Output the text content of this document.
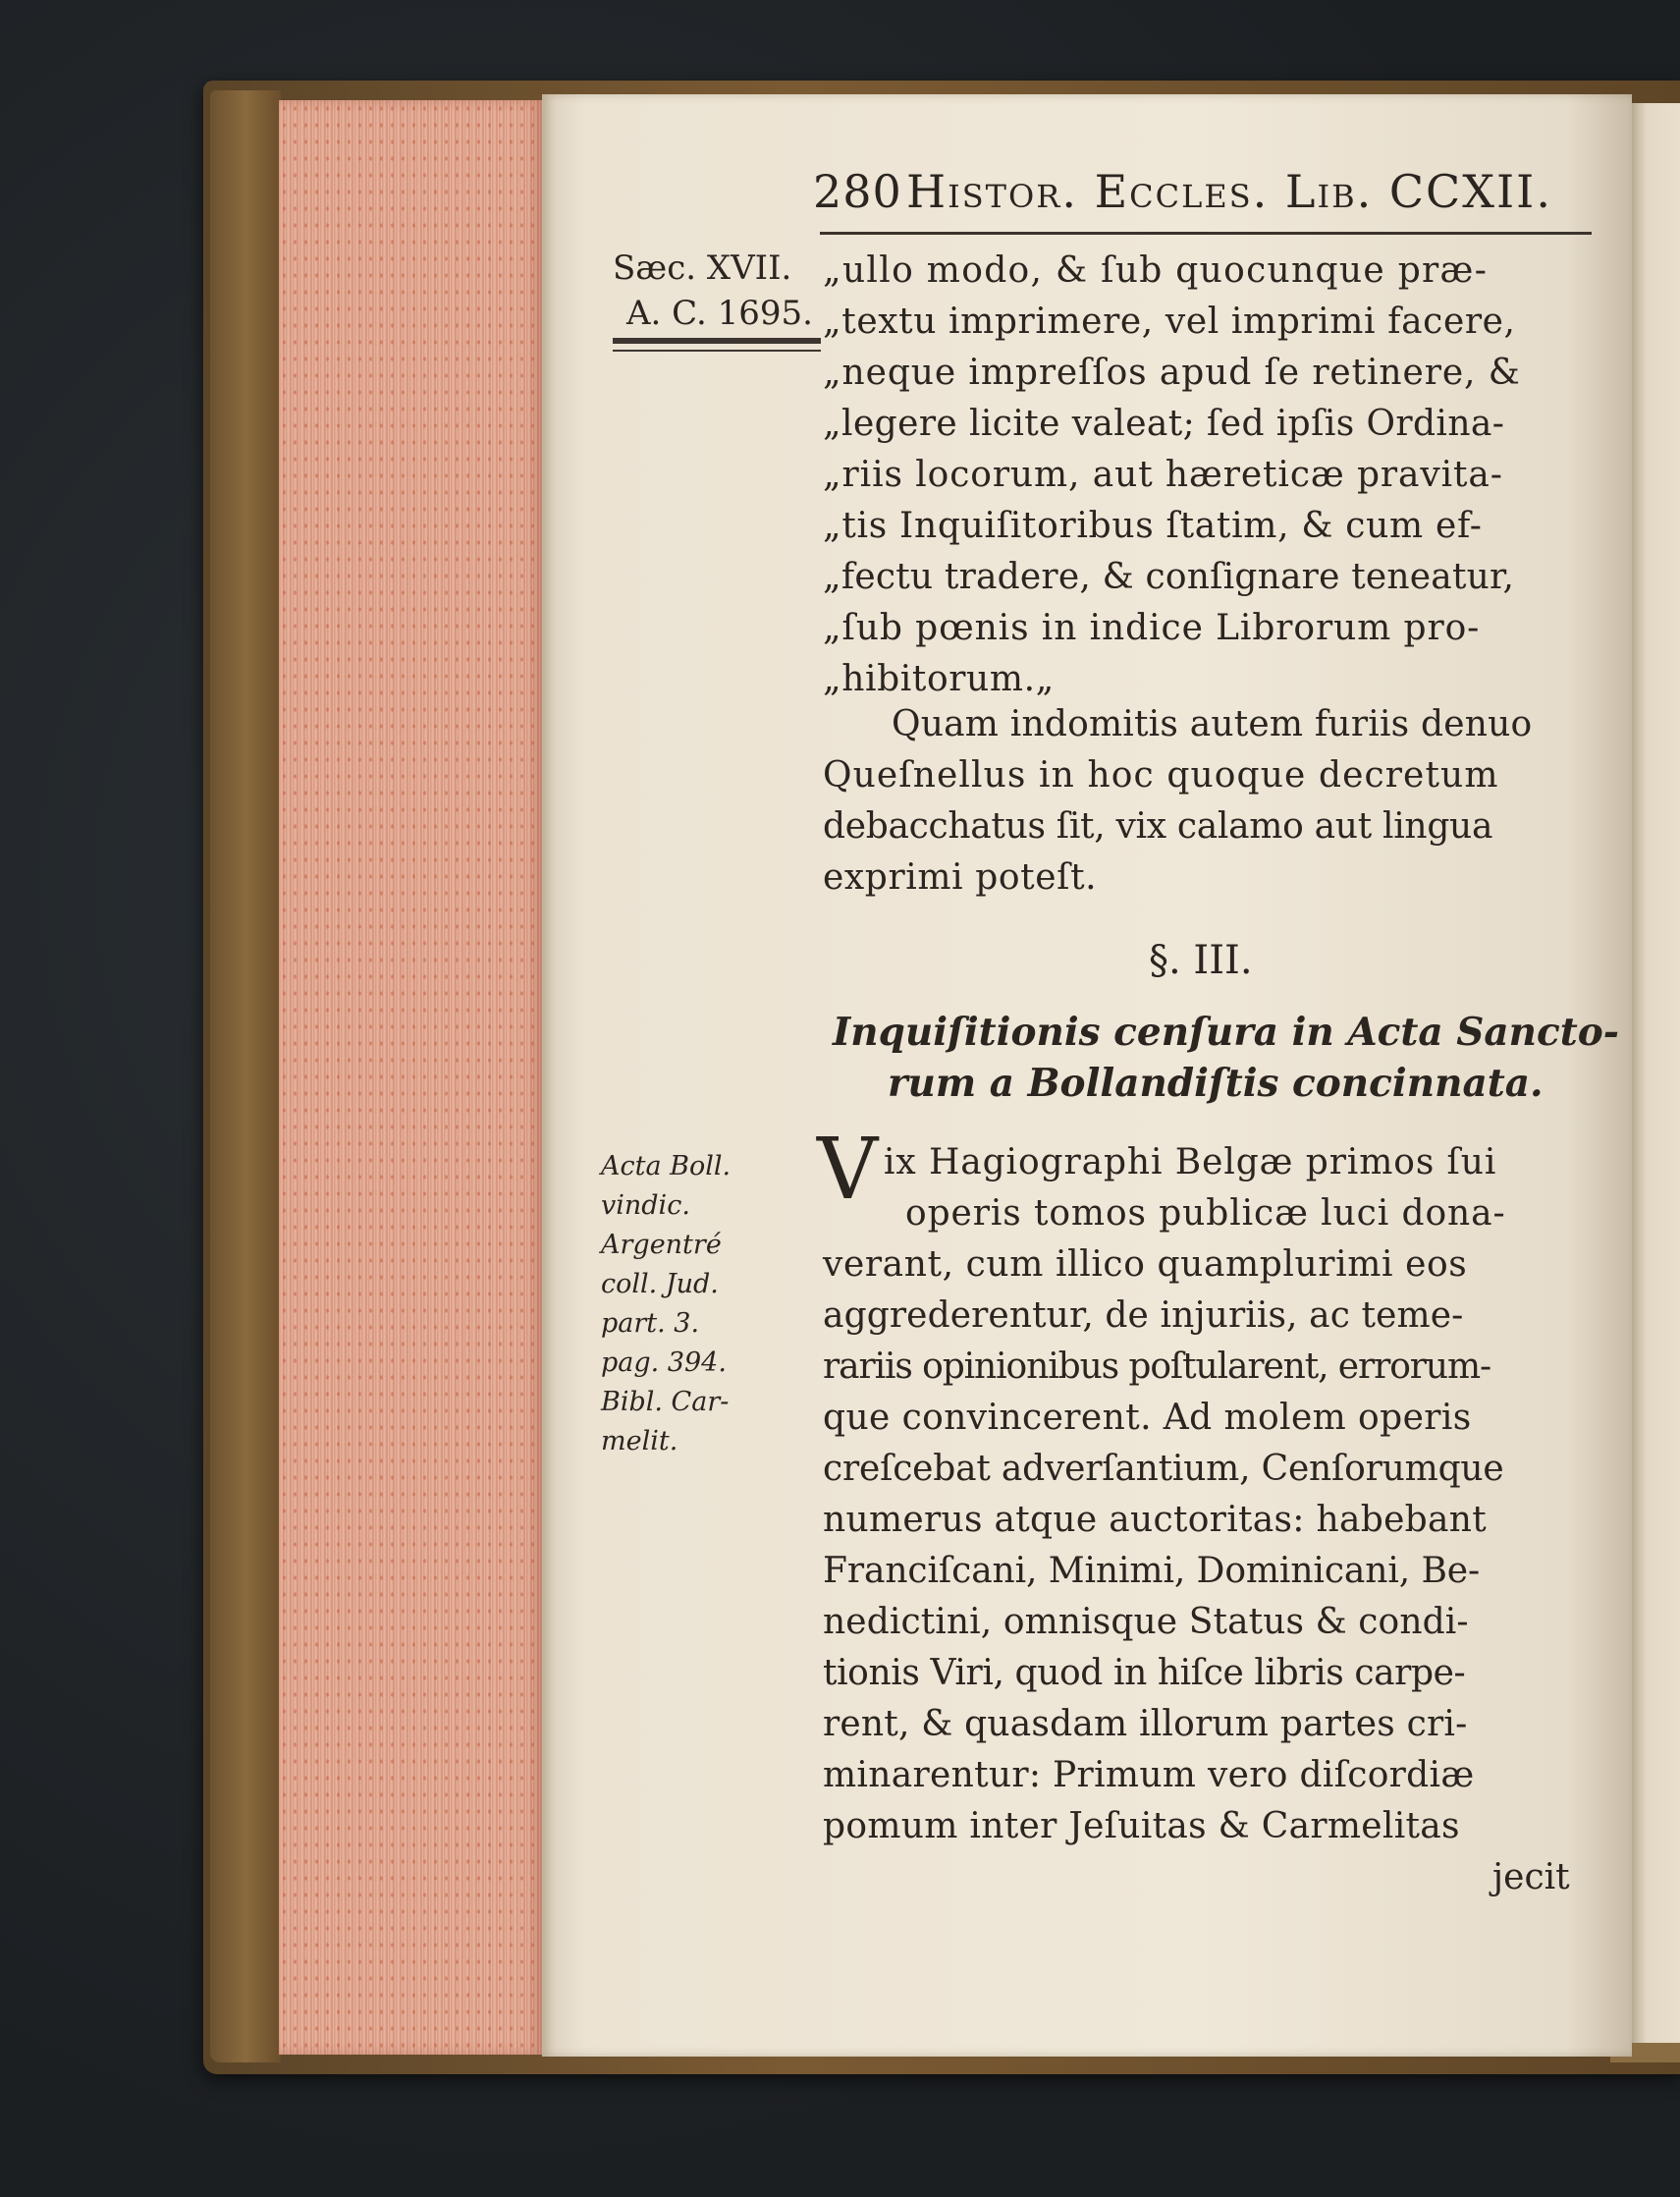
280 Histor. Eccles. Lib. CCXII.
Sæc. XVII.
A. C. 1695.
„ullo modo, & ſub quocunque præ-
„textu imprimere, vel imprimi facere,
„neque impreſſos apud ſe retinere, &
„legere licite valeat; ſed ipſis Ordina-
„riis locorum, aut hæreticæ pravita-
„tis Inquiſitoribus ſtatim, & cum ef-
„fectu tradere, & conſignare teneatur,
„ſub pœnis in indice Librorum pro-
„hibitorum.„
Quam indomitis autem furiis denuo
Queſnellus in hoc quoque decretum
debacchatus ſit, vix calamo aut lingua
exprimi poteſt.
§. III.
Inquiſitionis cenſura in Acta Sancto-
rum a Bollandiſtis concinnata.
V ix Hagiographi Belgæ primos ſui
operis tomos publicæ luci dona-
verant, cum illico quamplurimi eos
aggrederentur, de injuriis, ac teme-
rariis opinionibus poſtularent, errorum-
que convincerent. Ad molem operis
creſcebat adverſantium, Cenſorumque
numerus atque auctoritas: habebant
Franciſcani, Minimi, Dominicani, Be-
nedictini, omnisque Status & condi-
tionis Viri, quod in hiſce libris carpe-
rent, & quasdam illorum partes cri-
minarentur: Primum vero diſcordiæ
pomum inter Jeſuitas & Carmelitas
jecit
Acta Boll.
vindic.
Argentré
coll. Jud.
part. 3.
pag. 394.
Bibl. Car-
melit.
